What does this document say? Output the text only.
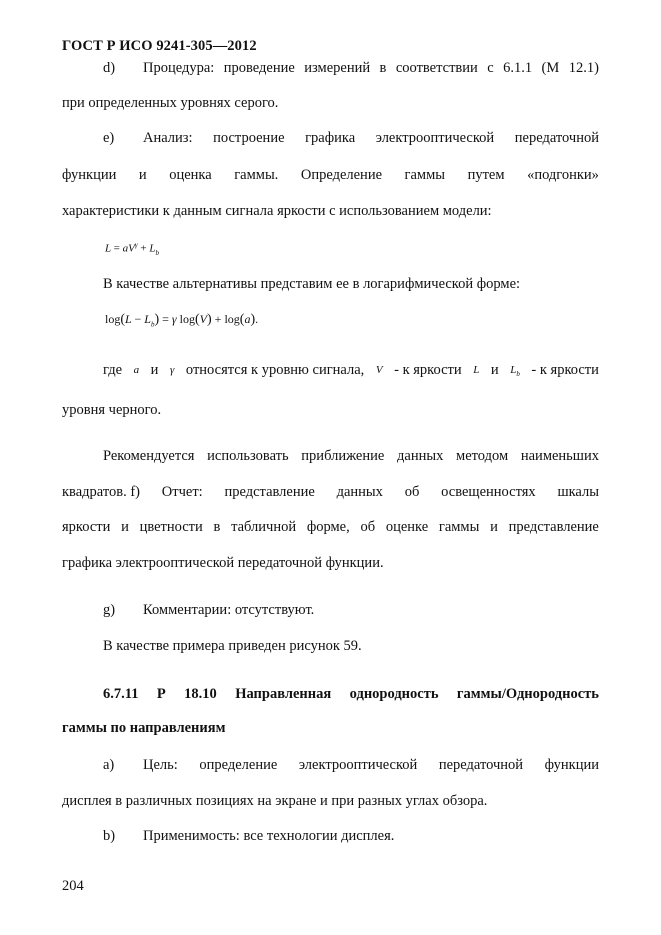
ГОСТ Р ИСО 9241-305—2012
d) Процедура: проведение измерений в соответствии с 6.1.1 (М 12.1)
при определенных уровнях серого.
e) Анализ: построение графика электрооптической передаточной
функции и оценка гаммы. Определение гаммы путем «подгонки»
характеристики к данным сигнала яркости с использованием модели:
$L = aV^\gamma + L_b$
В качестве альтернативы представим ее в логарифмической форме:
$\log(L - L_b) = \gamma$ log(V) + log(a).
где a и γ относятся к уровню сигнала, V - к яркости L и $L_b$ - к яркости
уровня черного.
Рекомендуется использовать приближение данных методом наименьших
квадратов. f) Отчет: представление данных об освещенностях шкалы
яркости и цветности в табличной форме, об оценке гаммы и представление
графика электрооптической передаточной функции.
g) Комментарии: отсутствуют.
В качестве примера приведен рисунок 59.
6.7.11 Р 18.10 Направленная однородность гаммы/Однородность
гаммы по направлениям
a) Цель: определение электрооптической передаточной функции
дисплея в различных позициях на экране и при разных углах обзора.
b) Применимость: все технологии дисплея.
204
